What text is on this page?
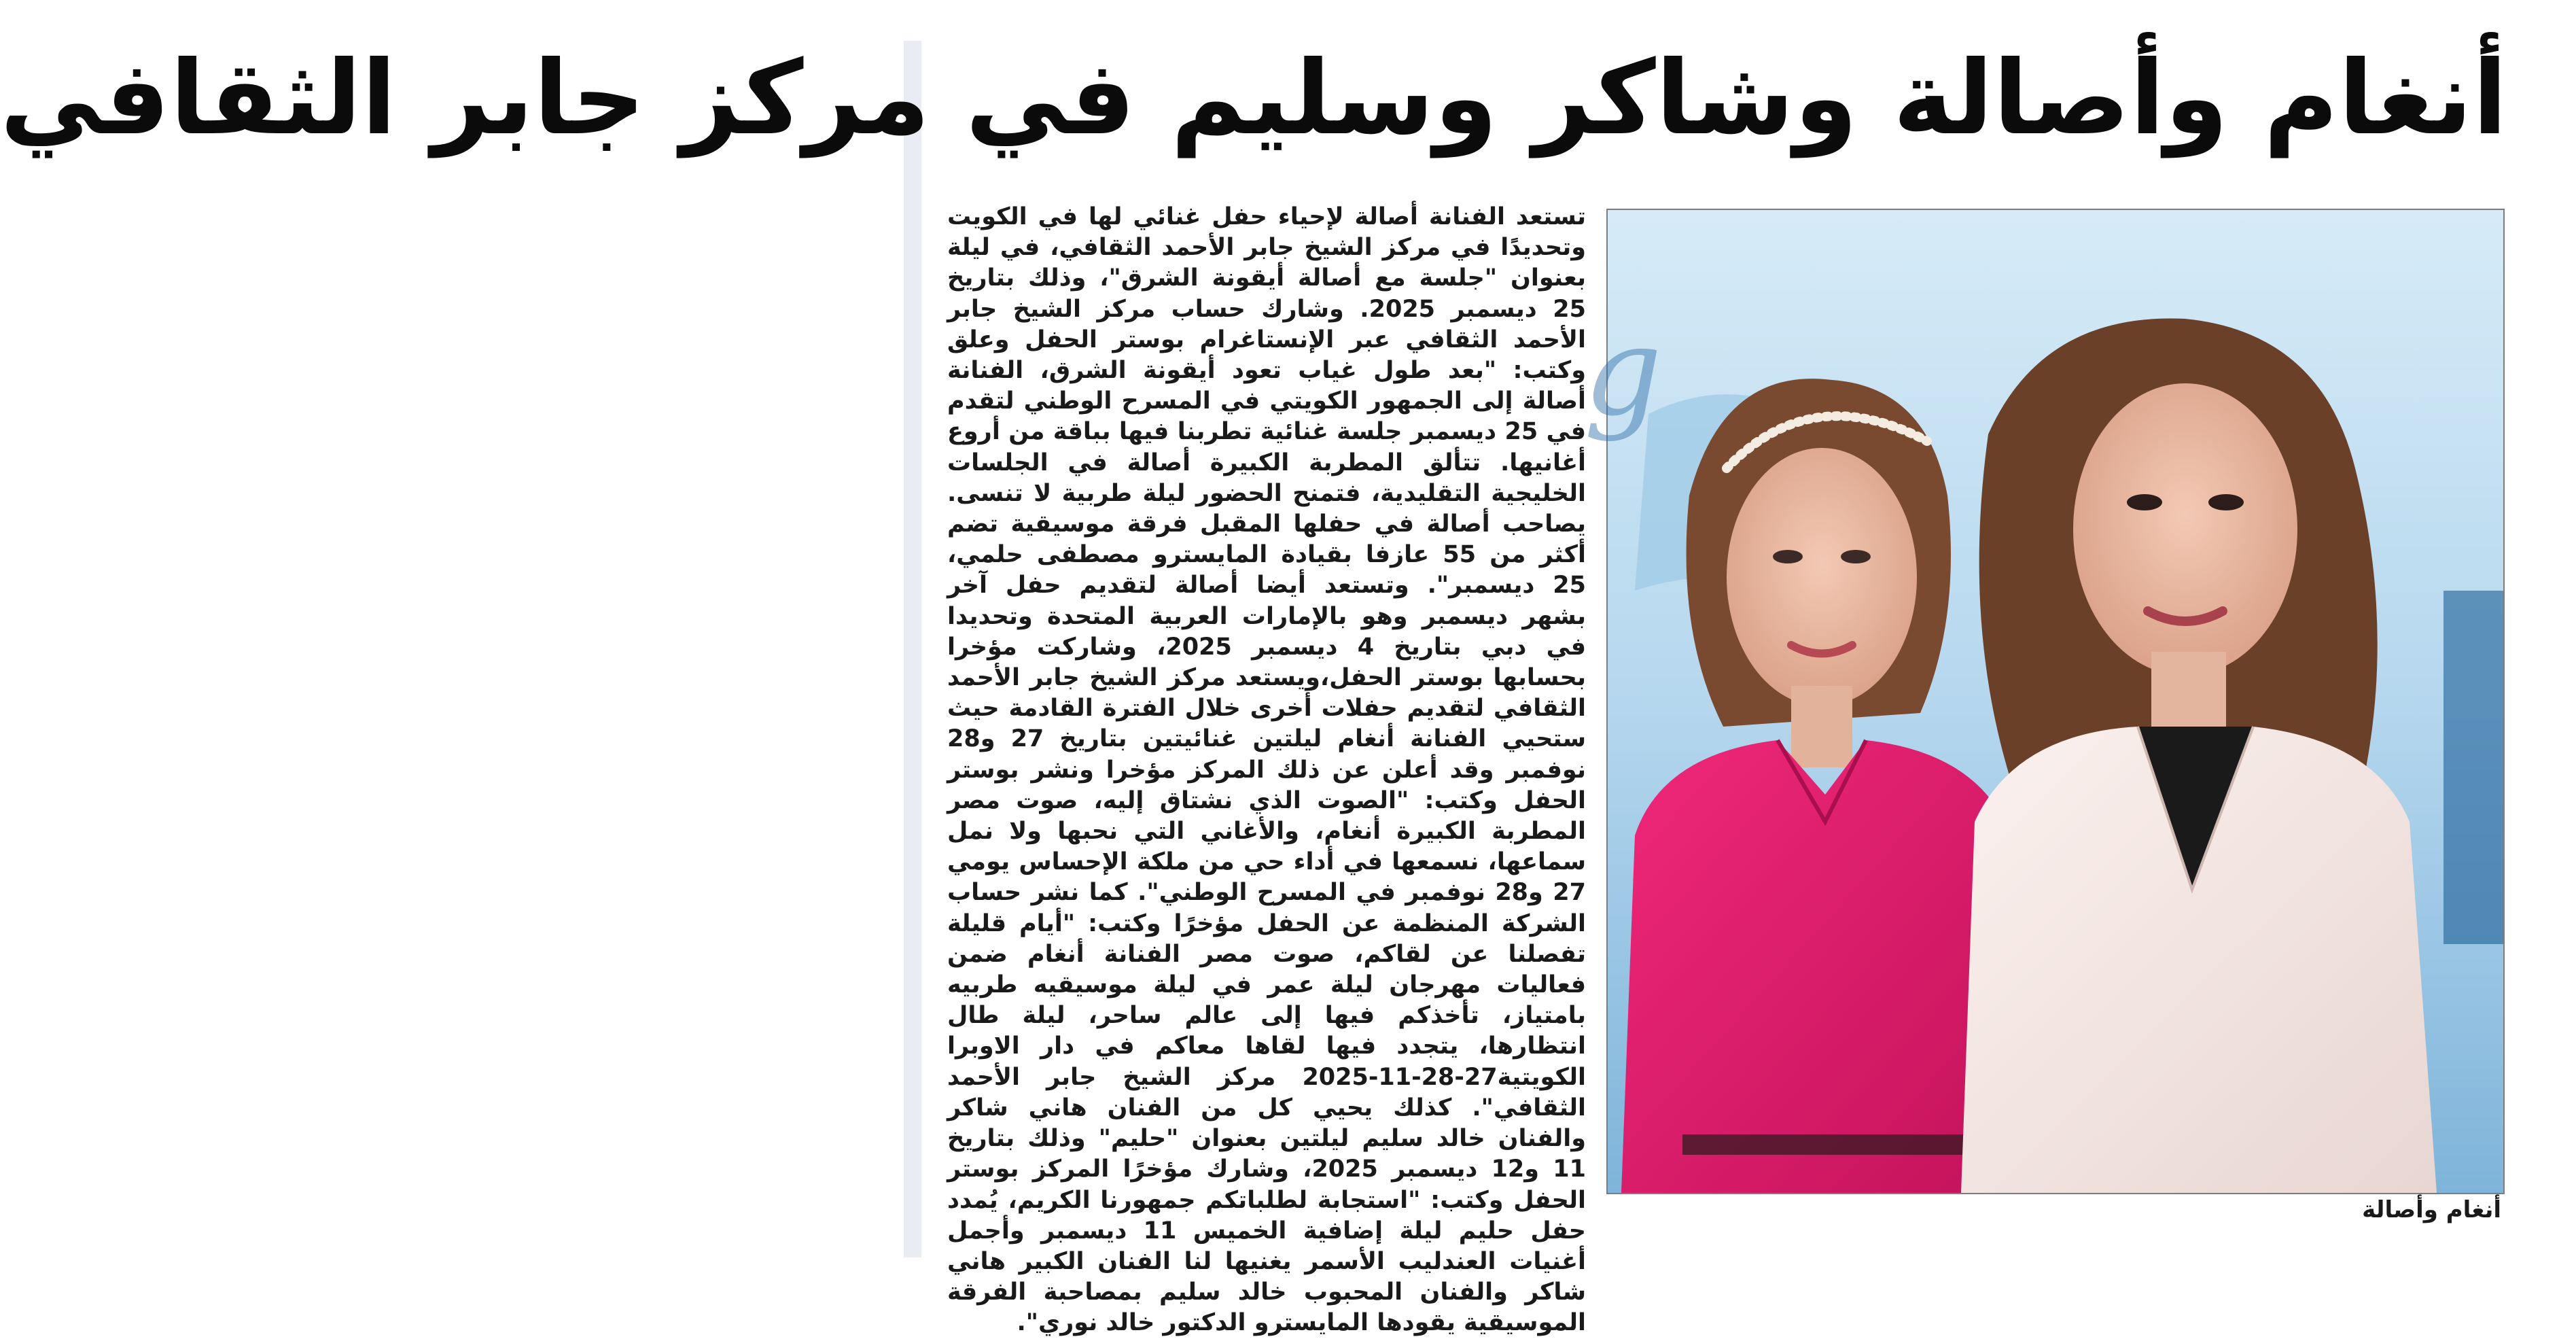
أنغام وأصالة وشاكر وسليم في مركز جابر الثقافي

تستعد الفنانة أصالة لإحياء حفل غنائي لها في الكويت وتحديدًا في مركز الشيخ جابر الأحمد الثقافي، في ليلة بعنوان "جلسة مع أصالة أيقونة الشرق"، وذلك بتاريخ 25 ديسمبر 2025. وشارك حساب مركز الشيخ جابر الأحمد الثقافي عبر الإنستاغرام بوستر الحفل وعلق وكتب: "بعد طول غياب تعود أيقونة الشرق، الفنانة أصالة إلى الجمهور الكويتي في المسرح الوطني لتقدم في 25 ديسمبر جلسة غنائية تطربنا فيها بباقة من أروع أغانيها. تتألق المطربة الكبيرة أصالة في الجلسات الخليجية التقليدية، فتمنح الحضور ليلة طربية لا تنسى. يصاحب أصالة في حفلها المقبل فرقة موسيقية تضم أكثر من 55 عازفا بقيادة المايسترو مصطفى حلمي، 25 ديسمبر". وتستعد أيضا أصالة لتقديم حفل آخر بشهر ديسمبر وهو بالإمارات العربية المتحدة وتحديدا في دبي بتاريخ 4 ديسمبر 2025، وشاركت مؤخرا بحسابها بوستر الحفل،ويستعد مركز الشيخ جابر الأحمد الثقافي لتقديم حفلات أخرى خلال الفترة القادمة حيث ستحيي الفنانة أنغام ليلتين غنائيتين بتاريخ 27 و28 نوفمبر وقد أعلن عن ذلك المركز مؤخرا ونشر بوستر الحفل وكتب: "الصوت الذي نشتاق إليه، صوت مصر المطربة الكبيرة أنغام، والأغاني التي نحبها ولا نمل سماعها، نسمعها في أداء حي من ملكة الإحساس يومي 27 و28 نوفمبر في المسرح الوطني". كما نشر حساب الشركة المنظمة عن الحفل مؤخرًا وكتب: "أيام قليلة تفصلنا عن لقاكم، صوت مصر الفنانة أنغام ضمن فعاليات مهرجان ليلة عمر في ليلة موسيقيه طربيه بامتياز، تأخذكم فيها إلى عالم ساحر، ليلة طال انتظارها، يتجدد فيها لقاها معاكم في دار الاوبرا الكويتية27-28-11-2025 مركز الشيخ جابر الأحمد الثقافي". كذلك يحيي كل من الفنان هاني شاكر والفنان خالد سليم ليلتين بعنوان "حليم" وذلك بتاريخ 11 و12 ديسمبر 2025، وشارك مؤخرًا المركز بوستر الحفل وكتب: "استجابة لطلباتكم جمهورنا الكريم، يُمدد حفل حليم ليلة إضافية الخميس 11 ديسمبر وأجمل أغنيات العندليب الأسمر يغنيها لنا الفنان الكبير هاني شاكر والفنان المحبوب خالد سليم بمصاحبة الفرقة الموسيقية يقودها المايسترو الدكتور خالد نوري".

g
أنغام وأصالة
